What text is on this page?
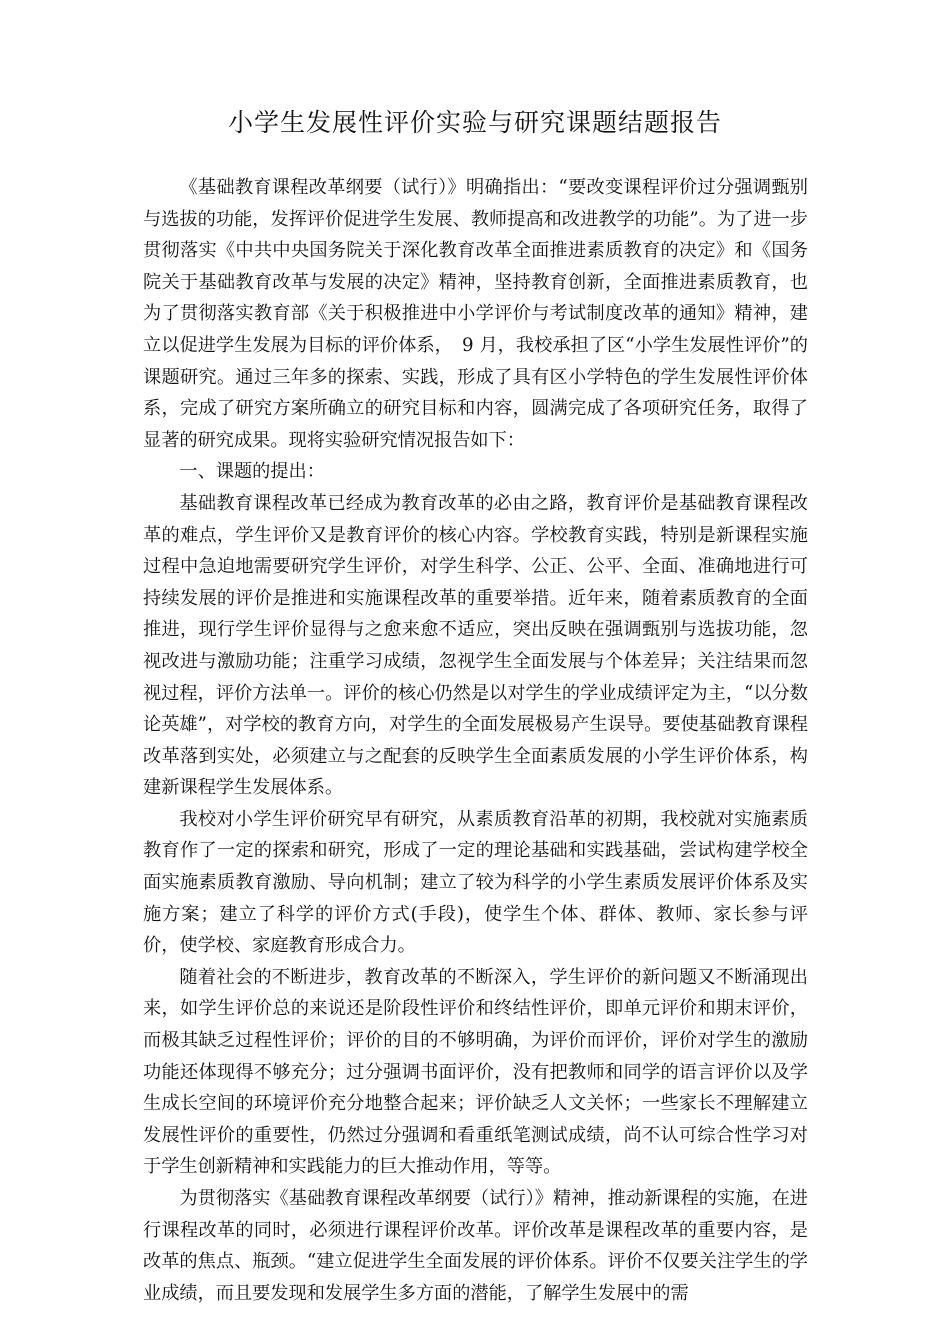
小学生发展性评价实验与研究课题结题报告

《基础教育课程改革纲要（试行）》明确指出：“要改变课程评价过分强调甄别与选拔的功能，发挥评价促进学生发展、教师提高和改进教学的功能”。为了进一步贯彻落实《中共中央国务院关于深化教育改革全面推进素质教育的决定》和《国务院关于基础教育改革与发展的决定》精神，坚持教育创新，全面推进素质教育，也为了贯彻落实教育部《关于积极推进中小学评价与考试制度改革的通知》精神，建立以促进学生发展为目标的评价体系，　9 月，我校承担了区“小学生发展性评价”的课题研究。通过三年多的探索、实践，形成了具有区小学特色的学生发展性评价体系，完成了研究方案所确立的研究目标和内容，圆满完成了各项研究任务，取得了显著的研究成果。现将实验研究情况报告如下：

一、课题的提出：

基础教育课程改革已经成为教育改革的必由之路，教育评价是基础教育课程改革的难点，学生评价又是教育评价的核心内容。学校教育实践，特别是新课程实施过程中急迫地需要研究学生评价，对学生科学、公正、公平、全面、准确地进行可持续发展的评价是推进和实施课程改革的重要举措。近年来，随着素质教育的全面推进，现行学生评价显得与之愈来愈不适应，突出反映在强调甄别与选拔功能，忽视改进与激励功能；注重学习成绩，忽视学生全面发展与个体差异；关注结果而忽视过程，评价方法单一。评价的核心仍然是以对学生的学业成绩评定为主，“以分数论英雄”，对学校的教育方向，对学生的全面发展极易产生误导。要使基础教育课程改革落到实处，必须建立与之配套的反映学生全面素质发展的小学生评价体系，构建新课程学生发展体系。

我校对小学生评价研究早有研究，从素质教育沿革的初期，我校就对实施素质教育作了一定的探索和研究，形成了一定的理论基础和实践基础，尝试构建学校全面实施素质教育激励、导向机制；建立了较为科学的小学生素质发展评价体系及实施方案；建立了科学的评价方式(手段)，使学生个体、群体、教师、家长参与评价，使学校、家庭教育形成合力。

随着社会的不断进步，教育改革的不断深入，学生评价的新问题又不断涌现出来，如学生评价总的来说还是阶段性评价和终结性评价，即单元评价和期末评价，而极其缺乏过程性评价；评价的目的不够明确，为评价而评价，评价对学生的激励功能还体现得不够充分；过分强调书面评价，没有把教师和同学的语言评价以及学生成长空间的环境评价充分地整合起来；评价缺乏人文关怀；一些家长不理解建立发展性评价的重要性，仍然过分强调和看重纸笔测试成绩，尚不认可综合性学习对于学生创新精神和实践能力的巨大推动作用，等等。

为贯彻落实《基础教育课程改革纲要（试行）》精神，推动新课程的实施，在进行课程改革的同时，必须进行课程评价改革。评价改革是课程改革的重要内容，是改革的焦点、瓶颈。“建立促进学生全面发展的评价体系。评价不仅要关注学生的学业成绩，而且要发现和发展学生多方面的潜能，了解学生发展中的需
